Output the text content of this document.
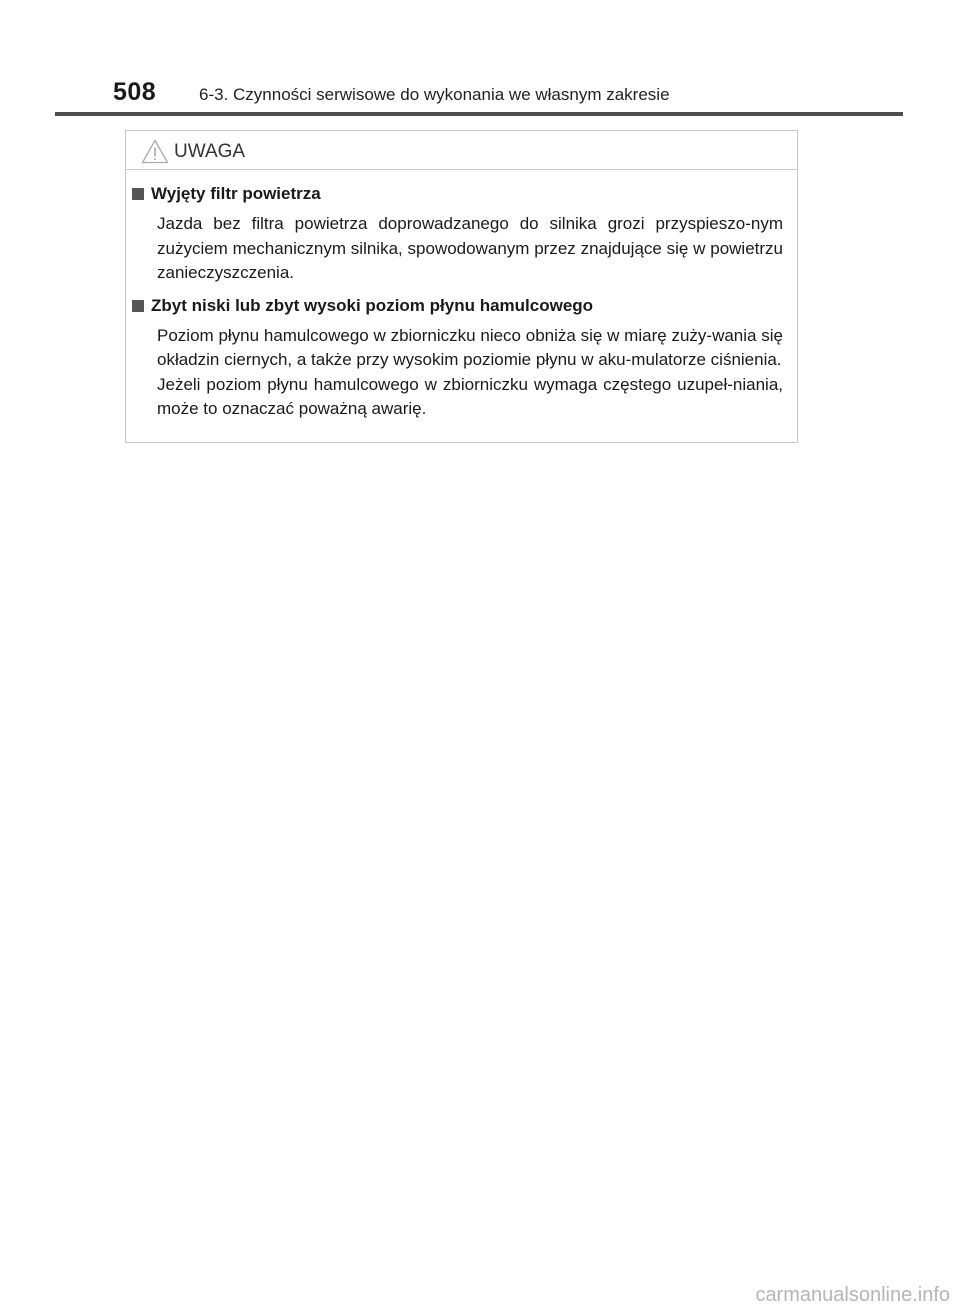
508	6-3. Czynności serwisowe do wykonania we własnym zakresie
UWAGA
Wyjęty filtr powietrza

Jazda bez filtra powietrza doprowadzanego do silnika grozi przyspieszo-nym zużyciem mechanicznym silnika, spowodowanym przez znajdujące się w powietrzu zanieczyszczenia.

Zbyt niski lub zbyt wysoki poziom płynu hamulcowego

Poziom płynu hamulcowego w zbiorniczku nieco obniża się w miarę zuży-wania się okładzin ciernych, a także przy wysokim poziomie płynu w aku-mulatorze ciśnienia.

Jeżeli poziom płynu hamulcowego w zbiorniczku wymaga częstego uzupeł-niania, może to oznaczać poważną awarię.

carmanualsonline.info
